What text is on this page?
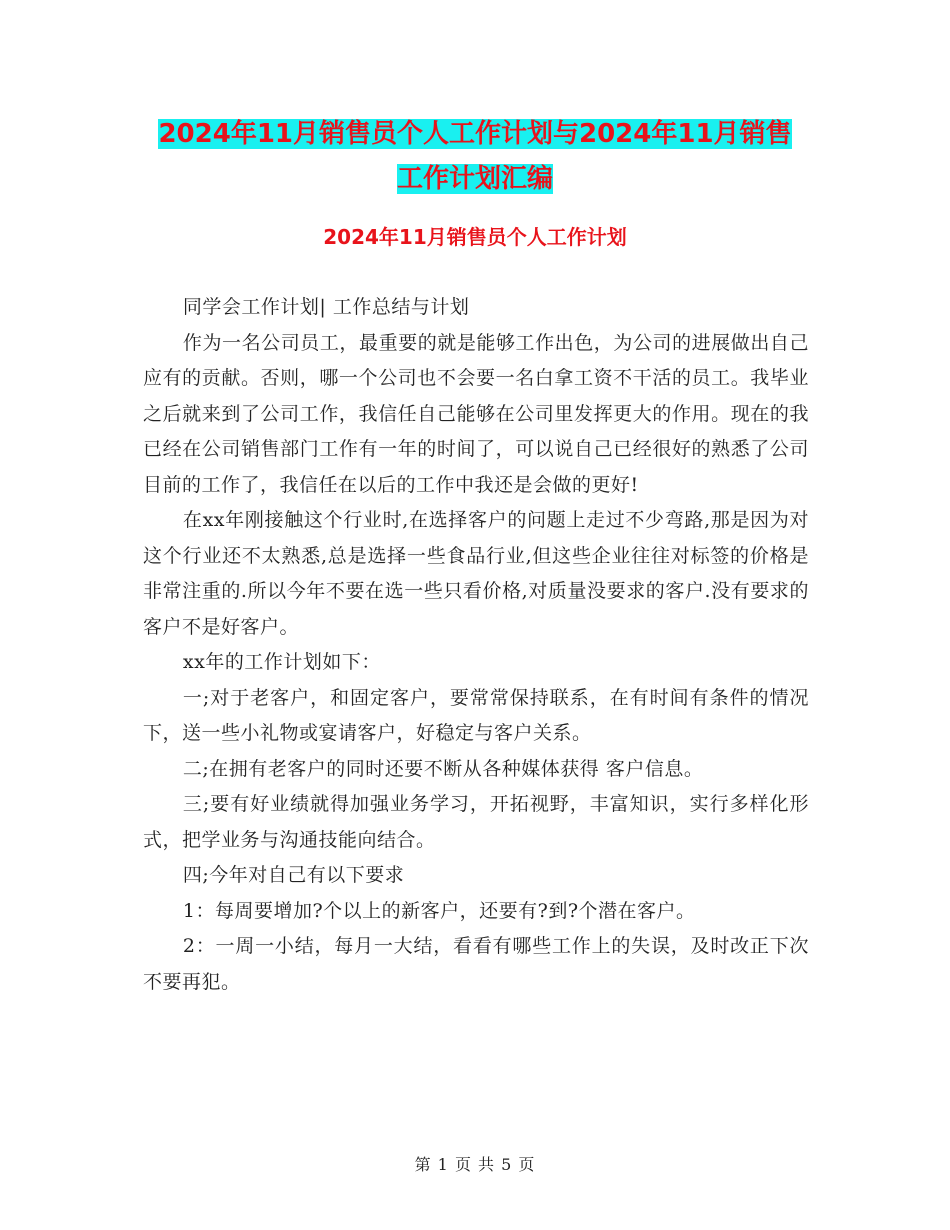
2024年11月销售员个人工作计划与2024年11月销售
工作计划汇编
2024年11月销售员个人工作计划

同学会工作计划| 工作总结与计划

作为一名公司员工，最重要的就是能够工作出色，为公司的进展做出自己应有的贡献。否则，哪一个公司也不会要一名白拿工资不干活的员工。我毕业之后就来到了公司工作，我信任自己能够在公司里发挥更大的作用。现在的我已经在公司销售部门工作有一年的时间了，可以说自己已经很好的熟悉了公司目前的工作了，我信任在以后的工作中我还是会做的更好!

在xx年刚接触这个行业时,在选择客户的问题上走过不少弯路,那是因为对这个行业还不太熟悉,总是选择一些食品行业,但这些企业往往对标签的价格是非常注重的.所以今年不要在选一些只看价格,对质量没要求的客户.没有要求的客户不是好客户。

xx年的工作计划如下：

一;对于老客户，和固定客户，要常常保持联系，在有时间有条件的情况下，送一些小礼物或宴请客户，好稳定与客户关系。

二;在拥有老客户的同时还要不断从各种媒体获得 客户信息。

三;要有好业绩就得加强业务学习，开拓视野，丰富知识，实行多样化形式，把学业务与沟通技能向结合。

四;今年对自己有以下要求

1：每周要增加?个以上的新客户，还要有?到?个潜在客户。

2：一周一小结，每月一大结，看看有哪些工作上的失误，及时改正下次不要再犯。

第 1 页 共 5 页
